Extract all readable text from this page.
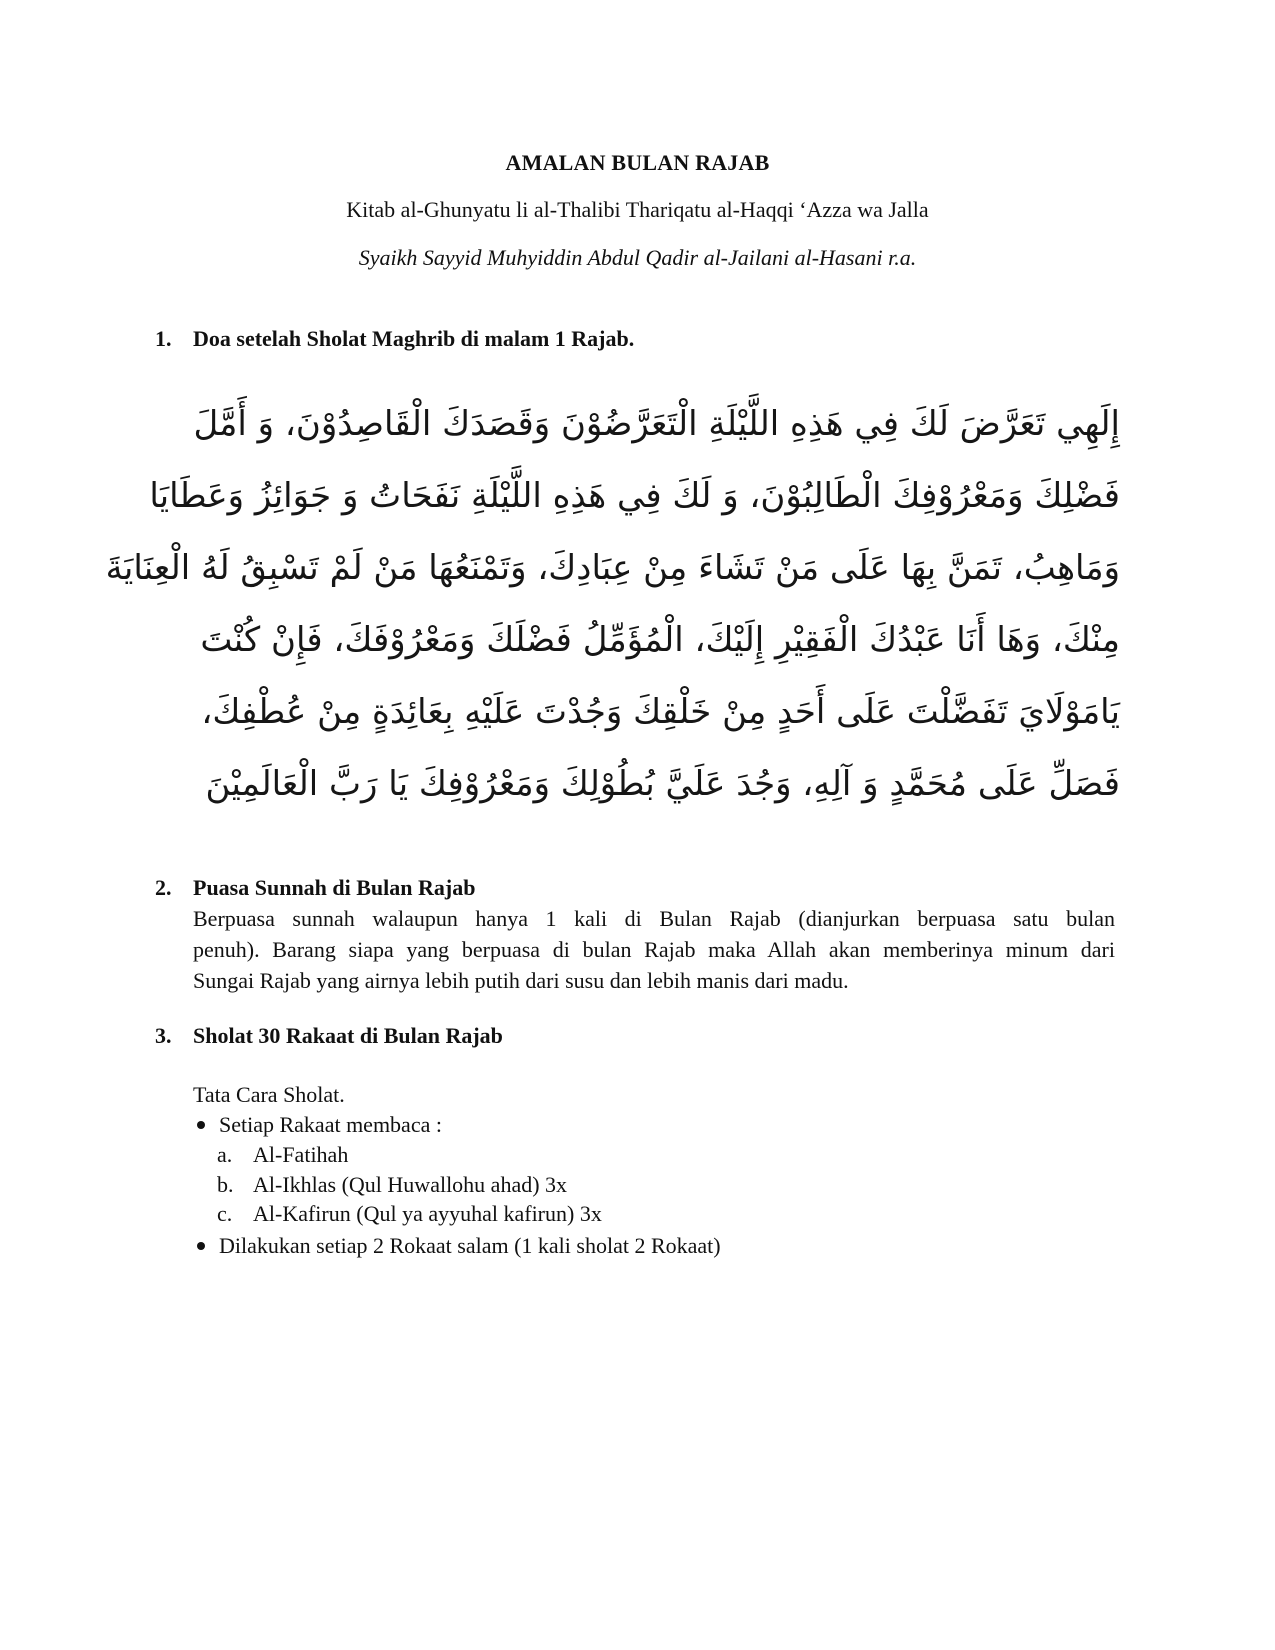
AMALAN BULAN RAJAB
Kitab al-Ghunyatu li al-Thalibi Thariqatu al-Haqqi ‘Azza wa Jalla
Syaikh Sayyid Muhyiddin Abdul Qadir al-Jailani al-Hasani r.a.
1. Doa setelah Sholat Maghrib di malam 1 Rajab.
إِلَهِي تَعَرَّضَ لَكَ فِي هَذِهِ اللَّيْلَةِ الْتَعَرَّضُوْنَ وَقَصَدَكَ الْقَاصِدُوْنَ، وَ أَمَّلَ
فَضْلِكَ وَمَعْرُوْفِكَ الْطَالِبُوْنَ، وَ لَكَ فِي هَذِهِ اللَّيْلَةِ نَفَحَاتُ وَ جَوَائِزُ وَعَطَايَا
وَمَاهِبُ، تَمَنَّ بِهَا عَلَى مَنْ تَشَاءَ مِنْ عِبَادِكَ، وَتَمْنَعُهَا مَنْ لَمْ تَسْبِقُ لَهُ الْعِنَايَةَ
مِنْكَ، وَهَا أَنَا عَبْدُكَ الْفَقِيْرِ إِلَيْكَ، الْمُؤَمِّلُ فَضْلَكَ وَمَعْرُوْفَكَ، فَإِنْ كُنْتَ
يَامَوْلَايَ تَفَضَّلْتَ عَلَى أَحَدٍ مِنْ خَلْقِكَ وَجُدْتَ عَلَيْهِ بِعَائِدَةٍ مِنْ عُطْفِكَ،
فَصَلِّ عَلَى مُحَمَّدٍ وَ آلِهِ، وَجُدَ عَلَيَّ بُطُوْلِكَ وَمَعْرُوْفِكَ يَا رَبَّ الْعَالَمِيْنَ
2. Puasa Sunnah di Bulan Rajab
Berpuasa sunnah walaupun hanya 1 kali di Bulan Rajab (dianjurkan berpuasa satu bulan
penuh). Barang siapa yang berpuasa di bulan Rajab maka Allah akan memberinya minum dari
Sungai Rajab yang airnya lebih putih dari susu dan lebih manis dari madu.
3. Sholat 30 Rakaat di Bulan Rajab
Tata Cara Sholat.
Setiap Rakaat membaca :
a. Al-Fatihah
b. Al-Ikhlas (Qul Huwallohu ahad) 3x
c. Al-Kafirun (Qul ya ayyuhal kafirun) 3x
Dilakukan setiap 2 Rokaat salam (1 kali sholat 2 Rokaat)
